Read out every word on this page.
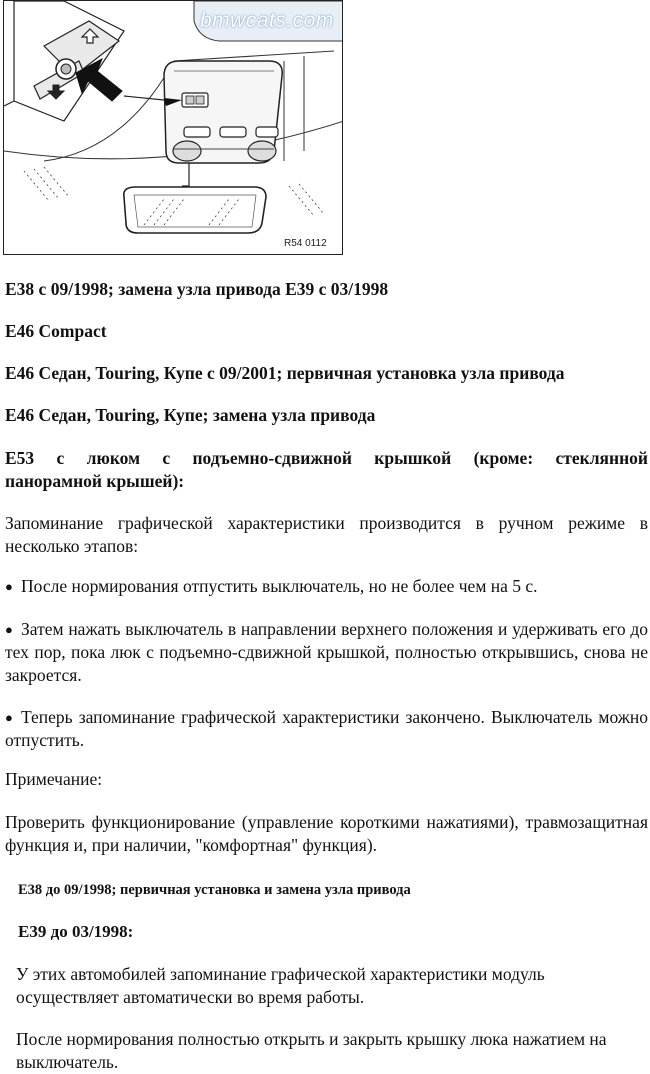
bmwcats.com
R54 0112
E38 с 09/1998; замена узла привода E39 с 03/1998
E46 Compact
E46 Седан, Touring, Купе с 09/2001; первичная установка узла привода
E46 Седан, Touring, Купе; замена узла привода
E53 с люком с подъемно-сдвижной крышкой (кроме: стеклянной
панорамной крышей):
Запоминание графической характеристики производится в ручном режиме в несколько этапов:
● После нормирования отпустить выключатель, но не более чем на 5 с.
● Затем нажать выключатель в направлении верхнего положения и удерживать его до тех пор, пока люк с подъемно-сдвижной крышкой, полностью открывшись, снова не закроется.
● Теперь запоминание графической характеристики закончено. Выключатель можно отпустить.
Примечание:
Проверить функционирование (управление короткими нажатиями), травмозащитная функция и, при наличии, "комфортная" функция).
E38 до 09/1998; первичная установка и замена узла привода
E39 до 03/1998:
У этих автомобилей запоминание графической характеристики модуль осуществляет автоматически во время работы.
После нормирования полностью открыть и закрыть крышку люка нажатием на выключатель.
